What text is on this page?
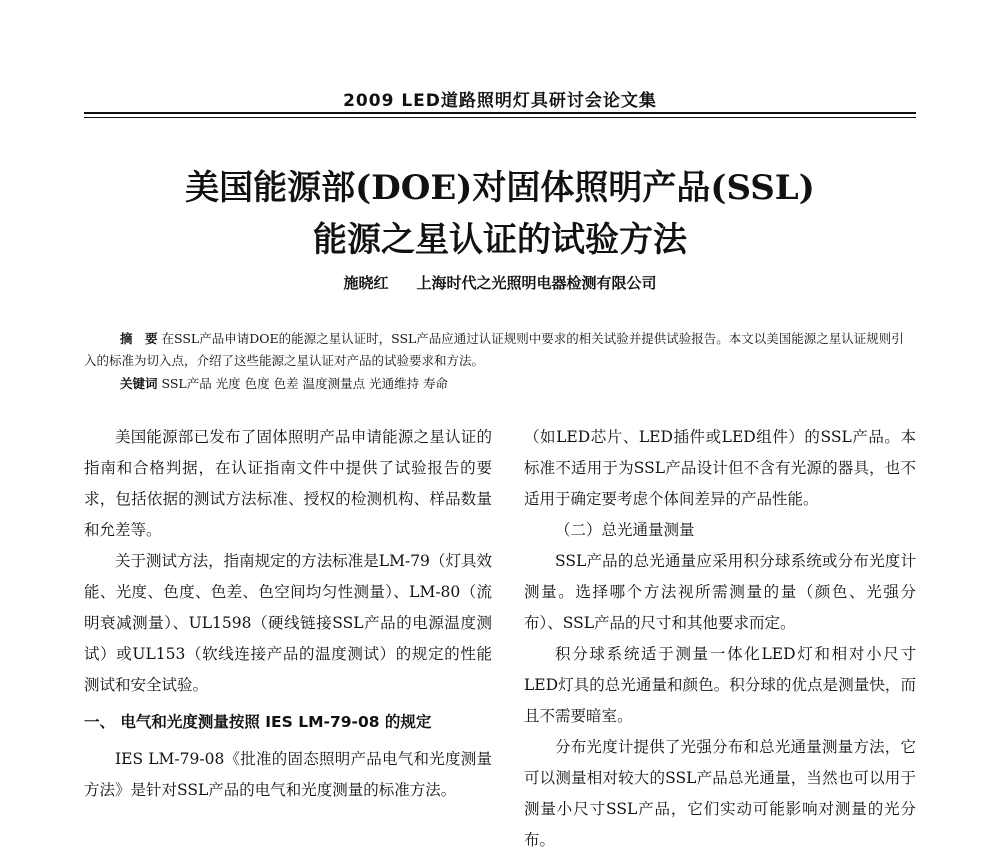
2009 LED道路照明灯具研讨会论文集
美国能源部(DOE)对固体照明产品(SSL)
能源之星认证的试验方法
施晓红 上海时代之光照明电器检测有限公司
摘　要 在SSL产品申请DOE的能源之星认证时，SSL产品应通过认证规则中要求的相关试验并提供试验报告。本文以美国能源之星认证规则引入的标准为切入点，介绍了这些能源之星认证对产品的试验要求和方法。
关键词 SSL产品 光度 色度 色差 温度测量点 光通维持 寿命

美国能源部已发布了固体照明产品申请能源之星认证的指南和合格判据，在认证指南文件中提供了试验报告的要求，包括依据的测试方法标准、授权的检测机构、样品数量和允差等。

关于测试方法，指南规定的方法标准是LM-79（灯具效能、光度、色度、色差、色空间均匀性测量）、LM-80（流明衰减测量）、UL1598（硬线链接SSL产品的电源温度测试）或UL153（软线连接产品的温度测试）的规定的性能测试和安全试验。

一、 电气和光度测量按照 IES LM-79-08 的规定

IES LM-79-08《批准的固态照明产品电气和光度测量方法》是针对SSL产品的电气和光度测量的标准方法。

（如LED芯片、LED插件或LED组件）的SSL产品。本标准不适用于为SSL产品设计但不含有光源的器具，也不适用于确定要考虑个体间差异的产品性能。

（二）总光通量测量

SSL产品的总光通量应采用积分球系统或分布光度计测量。选择哪个方法视所需测量的量（颜色、光强分布）、SSL产品的尺寸和其他要求而定。

积分球系统适于测量一体化LED灯和相对小尺寸LED灯具的总光通量和颜色。积分球的优点是测量快，而且不需要暗室。

分布光度计提供了光强分布和总光通量测量方法，它可以测量相对较大的SSL产品总光通量，当然也可以用于测量小尺寸SSL产品，它们实动可能影响对测量的光分布。
